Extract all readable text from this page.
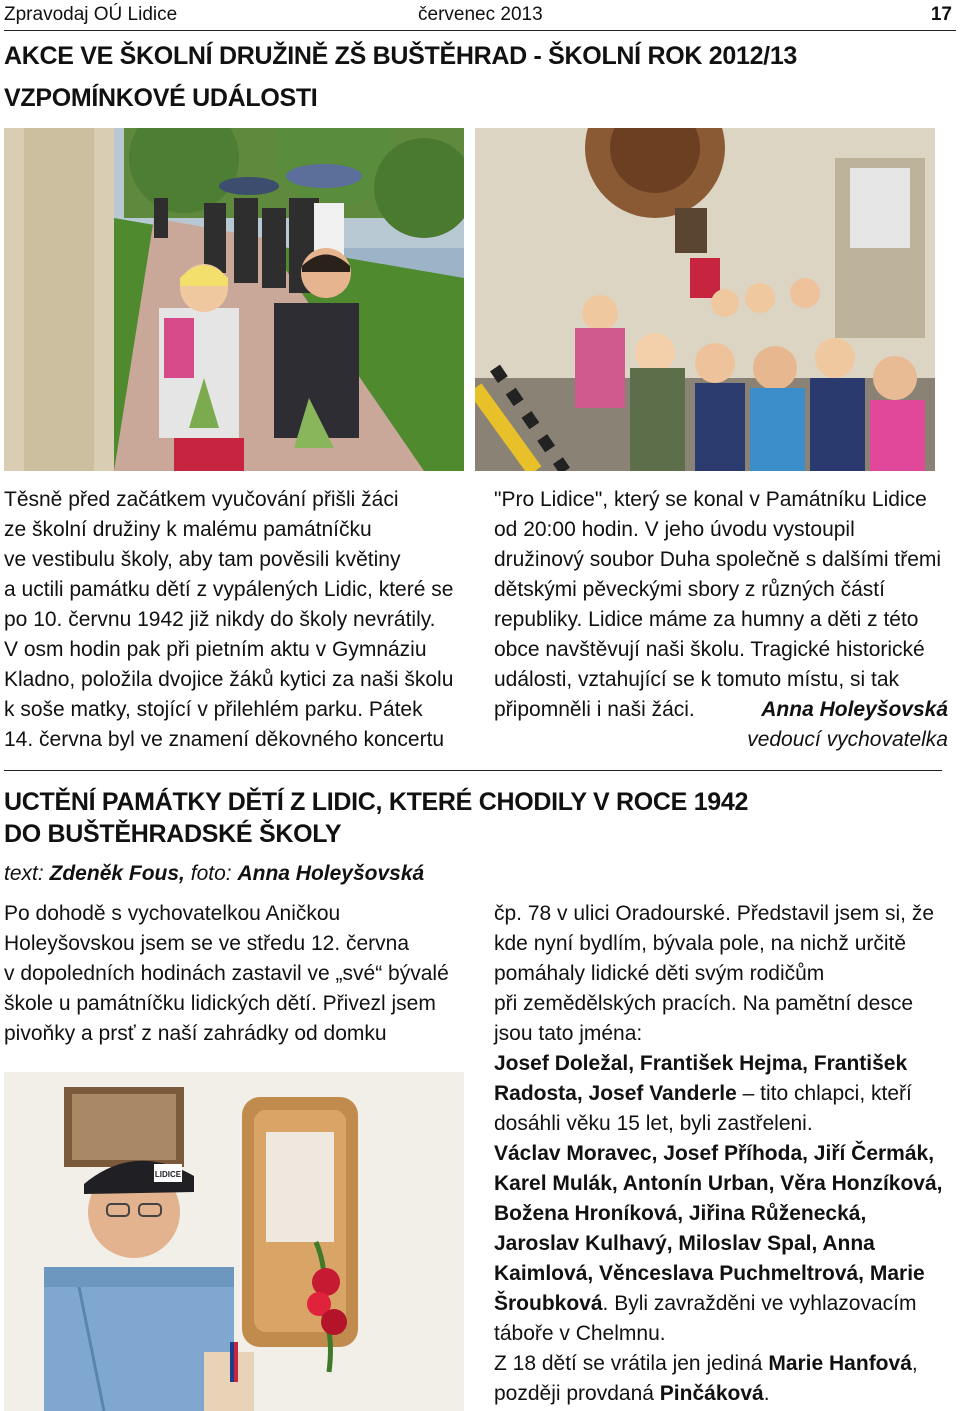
Zpravodaj OÚ Lidice	červenec 2013	17
AKCE VE ŠKOLNÍ DRUŽINĚ ZŠ BUŠTĚHRAD - ŠKOLNÍ ROK 2012/13
VZPOMÍNKOVÉ UDÁLOSTI

Těsně před začátkem vyučování přišli žáci

ze školní družiny k malému památníčku

ve vestibulu školy, aby tam pověsili květiny

a uctili památku dětí z vypálených Lidic, které se

po 10. červnu 1942 již nikdy do školy nevrátily.

V osm hodin pak při pietním aktu v Gymnáziu

Kladno, položila dvojice žáků kytici za naši školu

k soše matky, stojící v přilehlém parku. Pátek

14. června byl ve znamení děkovného koncertu

"Pro Lidice", který se konal v Památníku Lidice

od 20:00 hodin. V jeho úvodu vystoupil

družinový soubor Duha společně s dalšími třemi

dětskými pěveckými sbory z různých částí

republiky. Lidice máme za humny a děti z této

obce navštěvují naši školu. Tragické historické

události, vztahující se k tomuto místu, si tak

připomněli i naši žáci.	Anna Holeyšovská

vedoucí vychovatelka

UCTĚNÍ PAMÁTKY DĚTÍ Z LIDIC, KTERÉ CHODILY V ROCE 1942
DO BUŠTĚHRADSKÉ ŠKOLY
text: Zdeněk Fous, foto: Anna Holeyšovská

Po dohodě s vychovatelkou Aničkou

Holeyšovskou jsem se ve středu 12. června

v dopoledních hodinách zastavil ve „své“ bývalé

škole u památníčku lidických dětí. Přivezl jsem

pivoňky a prsť z naší zahrádky od domku

LIDICE

čp. 78 v ulici Oradourské. Představil jsem si, že

kde nyní bydlím, bývala pole, na nichž určitě

pomáhaly lidické děti svým rodičům

při zemědělských pracích. Na pamětní desce

jsou tato jména:

Josef Doležal, František Hejma, František

Radosta, Josef Vanderle – tito chlapci, kteří

dosáhli věku 15 let, byli zastřeleni.

Václav Moravec, Josef Příhoda, Jiří Čermák,

Karel Mulák, Antonín Urban, Věra Honzíková,

Božena Hroníková, Jiřina Růženecká,

Jaroslav Kulhavý, Miloslav Spal, Anna

Kaimlová, Věnceslava Puchmeltrová, Marie

Šroubková. Byli zavražděni ve vyhlazovacím

táboře v Chelmnu.

Z 18 dětí se vrátila jen jediná Marie Hanfová,

později provdaná Pinčáková.
